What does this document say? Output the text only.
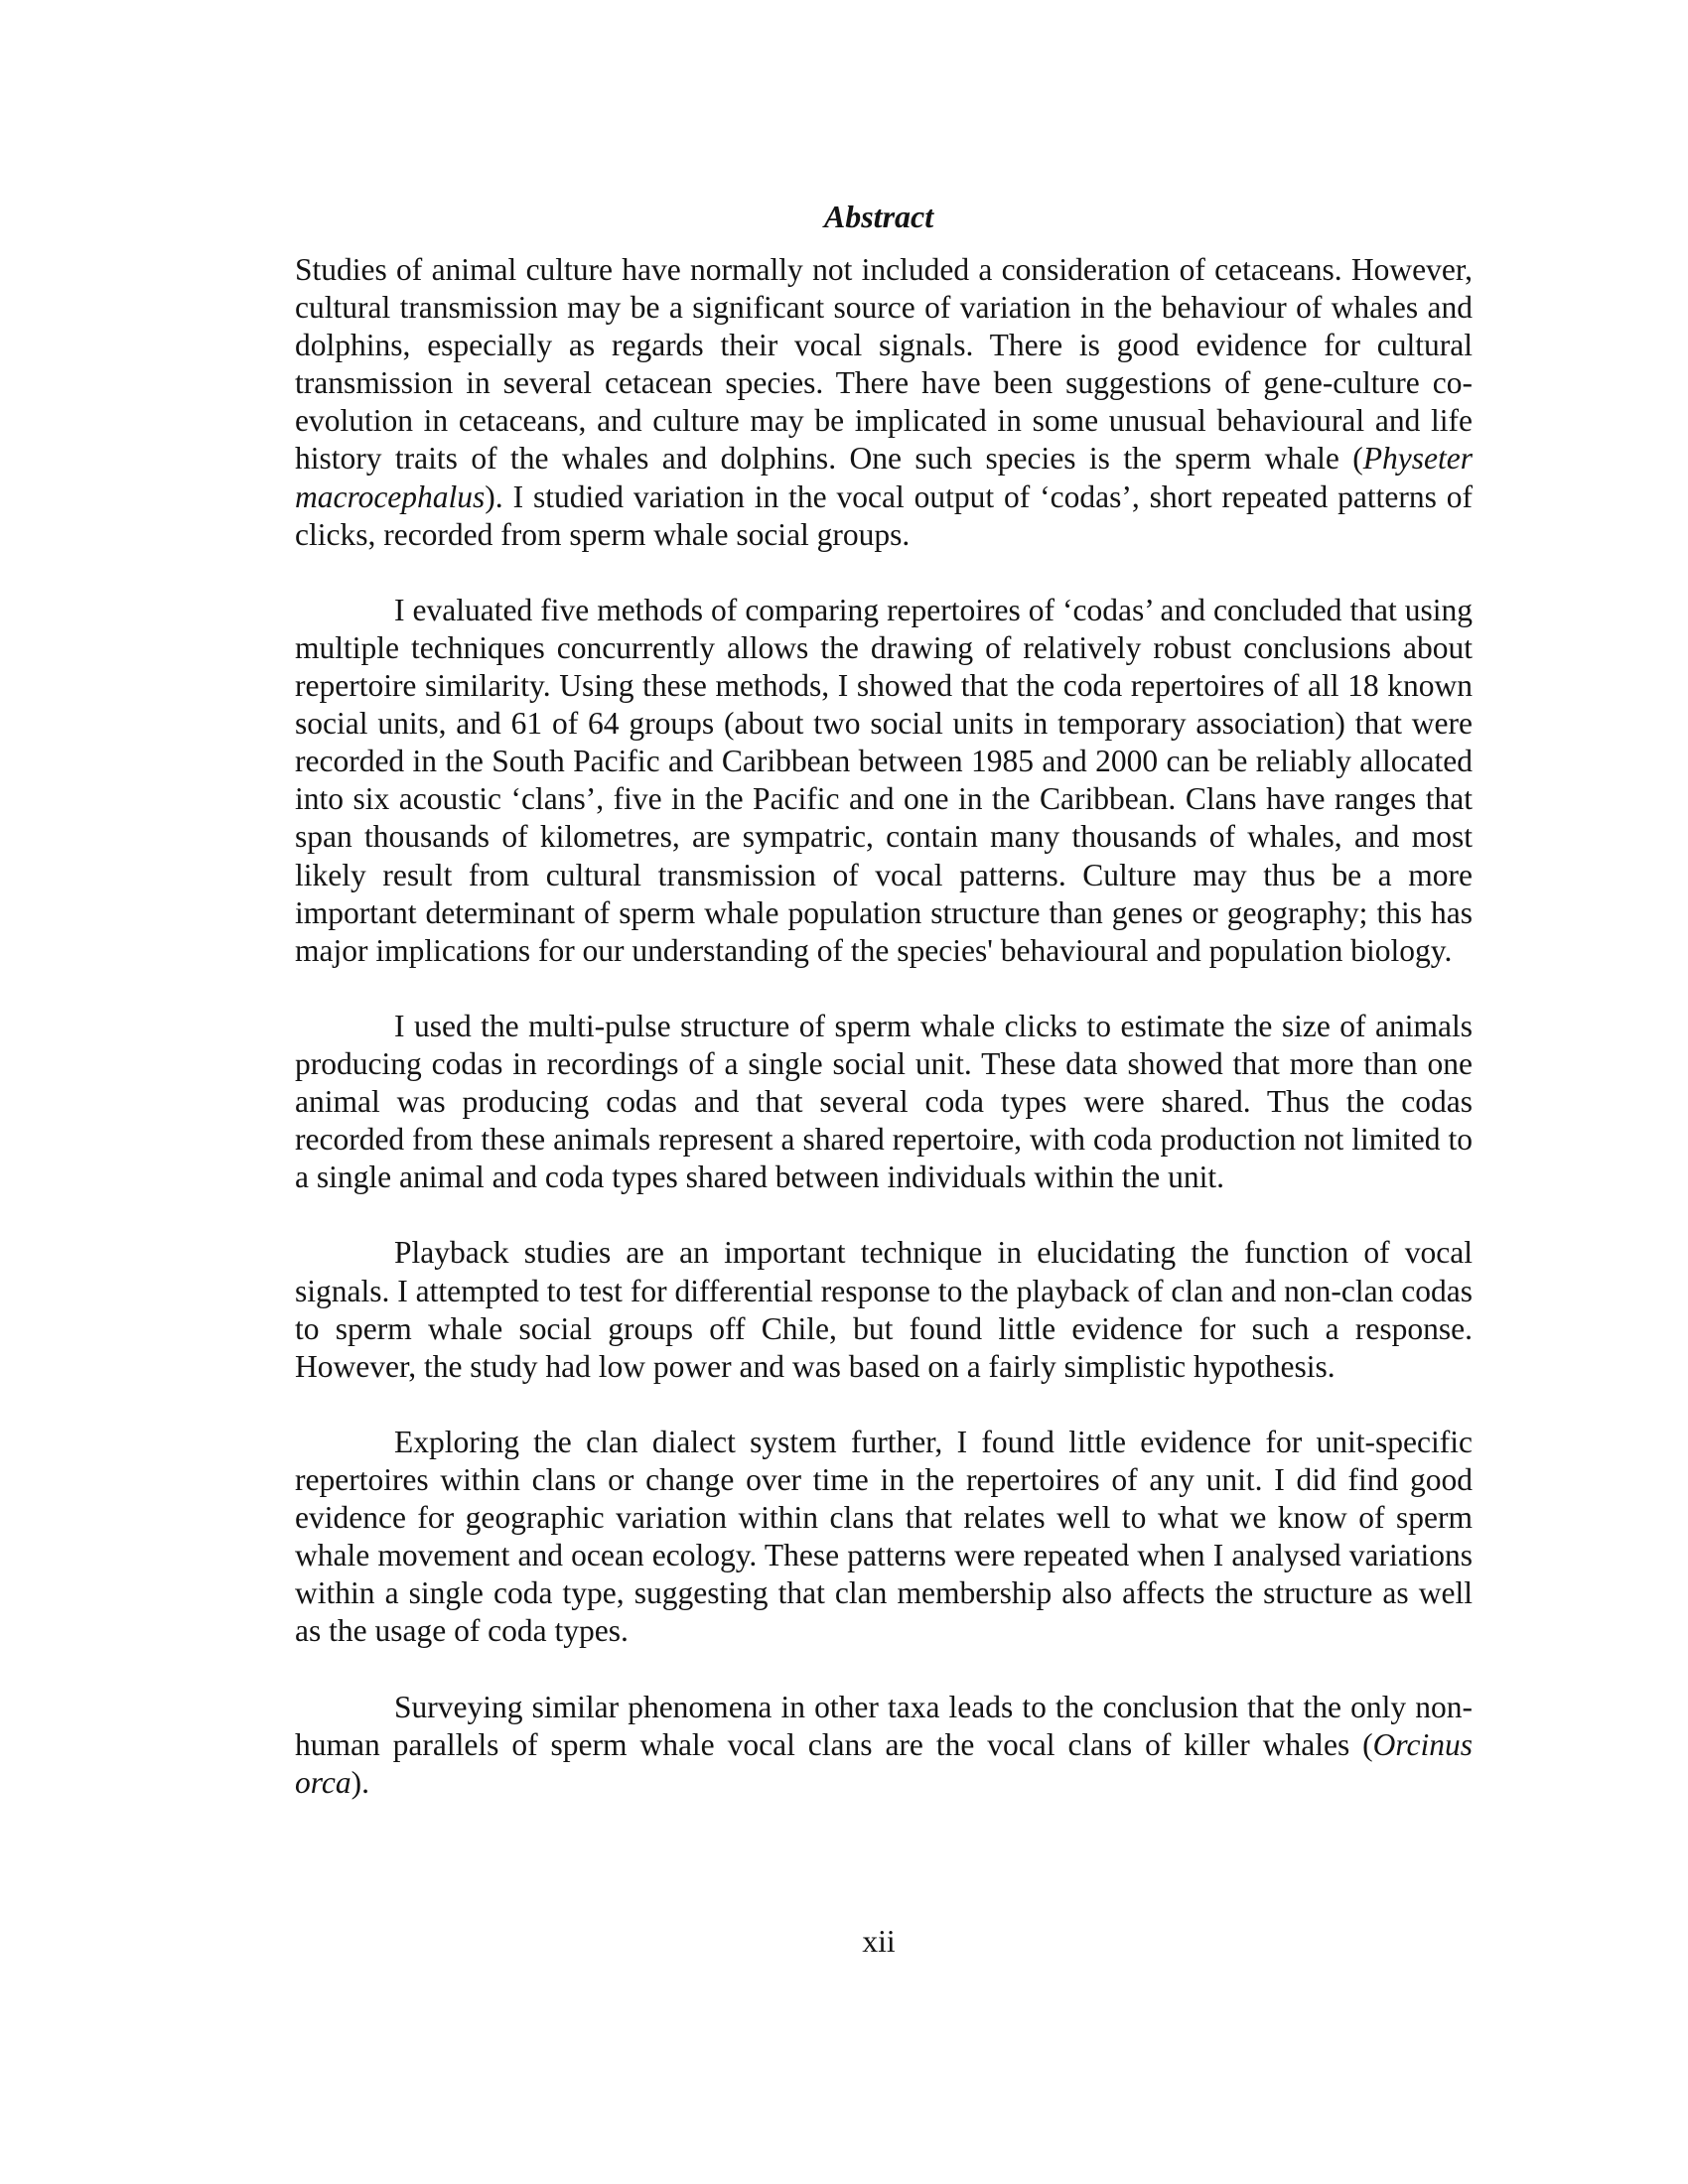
Abstract

Studies of animal culture have normally not included a consideration of cetaceans. However, cultural transmission may be a significant source of variation in the behaviour of whales and dolphins, especially as regards their vocal signals. There is good evidence for cultural transmission in several cetacean species. There have been suggestions of gene-culture co-evolution in cetaceans, and culture may be implicated in some unusual behavioural and life history traits of the whales and dolphins. One such species is the sperm whale (Physeter macrocephalus). I studied variation in the vocal output of ‘codas’, short repeated patterns of clicks, recorded from sperm whale social groups.

I evaluated five methods of comparing repertoires of ‘codas’ and concluded that using multiple techniques concurrently allows the drawing of relatively robust conclusions about repertoire similarity. Using these methods, I showed that the coda repertoires of all 18 known social units, and 61 of 64 groups (about two social units in temporary association) that were recorded in the South Pacific and Caribbean between 1985 and 2000 can be reliably allocated into six acoustic ‘clans’, five in the Pacific and one in the Caribbean. Clans have ranges that span thousands of kilometres, are sympatric, contain many thousands of whales, and most likely result from cultural transmission of vocal patterns. Culture may thus be a more important determinant of sperm whale population structure than genes or geography; this has major implications for our understanding of the species' behavioural and population biology.

I used the multi-pulse structure of sperm whale clicks to estimate the size of animals producing codas in recordings of a single social unit. These data showed that more than one animal was producing codas and that several coda types were shared. Thus the codas recorded from these animals represent a shared repertoire, with coda production not limited to a single animal and coda types shared between individuals within the unit.

Playback studies are an important technique in elucidating the function of vocal signals. I attempted to test for differential response to the playback of clan and non-clan codas to sperm whale social groups off Chile, but found little evidence for such a response. However, the study had low power and was based on a fairly simplistic hypothesis.

Exploring the clan dialect system further, I found little evidence for unit-specific repertoires within clans or change over time in the repertoires of any unit. I did find good evidence for geographic variation within clans that relates well to what we know of sperm whale movement and ocean ecology. These patterns were repeated when I analysed variations within a single coda type, suggesting that clan membership also affects the structure as well as the usage of coda types.

Surveying similar phenomena in other taxa leads to the conclusion that the only non-human parallels of sperm whale vocal clans are the vocal clans of killer whales (Orcinus orca).

xii
